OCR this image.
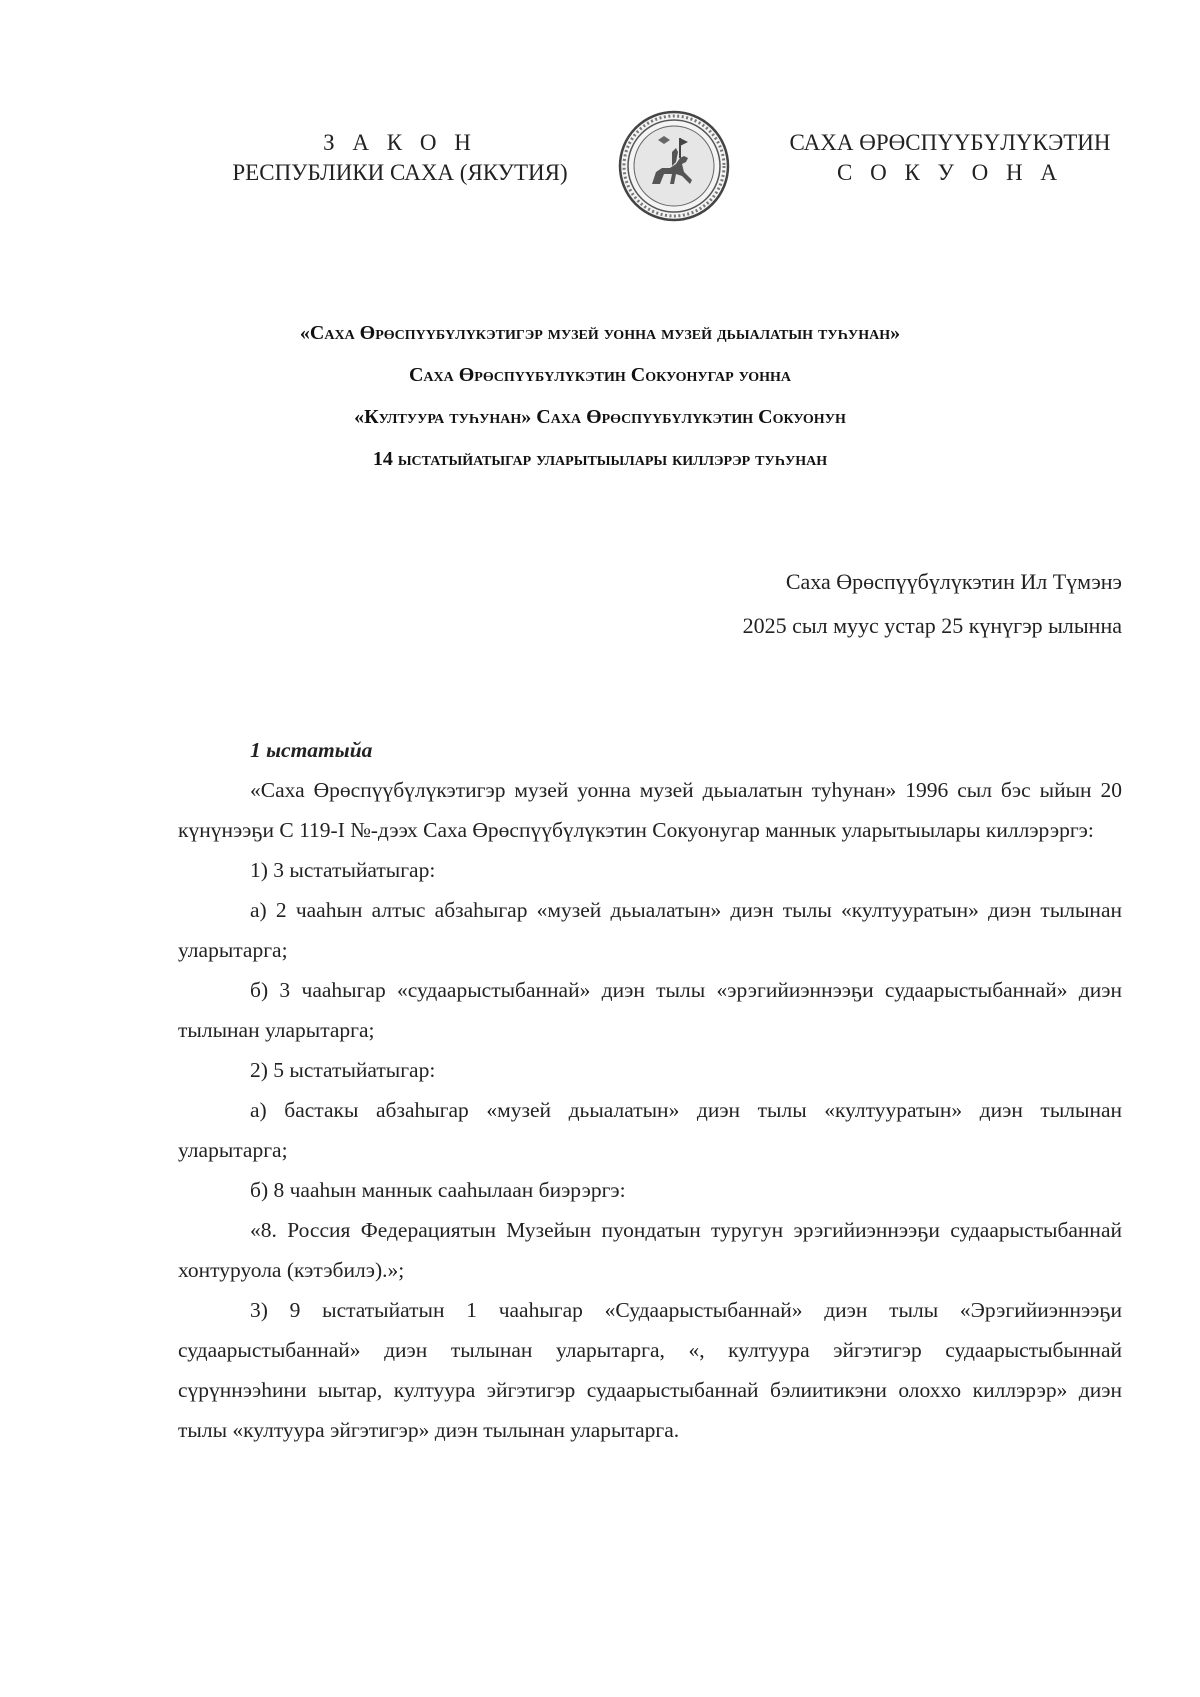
З А К О Н
РЕСПУБЛИКИ САХА (ЯКУТИЯ)
САХА ӨРӨСПҮҮБҮЛҮКЭТИН
С О К У О Н А
«Саха Өрөспүүбүлүкэтигэр музей уонна музей дьыалатын туһунан»
Саха Өрөспүүбүлүкэтин Сокуонугар уонна
«Култуура туһунан» Саха Өрөспүүбүлүкэтин Сокуонун
14 ыстатыйатыгар уларытыылары киллэрэр туһунан
Саха Өрөспүүбүлүкэтин Ил Түмэнэ
2025 сыл муус устар 25 күнүгэр ылынна

1 ыстатыйа

«Саха Өрөспүүбүлүкэтигэр музей уонна музей дьыалатын туһунан» 1996 сыл бэс ыйын 20 күнүнээҕи С 119-I №-дээх Саха Өрөспүүбүлүкэтин Сокуонугар маннык уларытыылары киллэрэргэ:

1) 3 ыстатыйатыгар:

а) 2 чааһын алтыс абзаһыгар «музей дьыалатын» диэн тылы «култууратын» диэн тылынан уларытарга;

б) 3 чааһыгар «судаарыстыбаннай» диэн тылы «эрэгийиэннээҕи судаарыстыбаннай» диэн тылынан уларытарга;

2) 5 ыстатыйатыгар:

а) бастакы абзаһыгар «музей дьыалатын» диэн тылы «култууратын» диэн тылынан уларытарга;

б) 8 чааһын маннык сааһылаан биэрэргэ:

«8. Россия Федерациятын Музейын пуондатын туругун эрэгийиэннээҕи судаарыстыбаннай хонтуруола (кэтэбилэ).»;

3) 9 ыстатыйатын 1 чааһыгар «Судаарыстыбаннай» диэн тылы «Эрэгийиэннээҕи судаарыстыбаннай» диэн тылынан уларытарга, «, култуура эйгэтигэр судаарыстыбыннай сүрүннээһини ыытар, култуура эйгэтигэр судаарыстыбаннай бэлиитикэни олоххо киллэрэр» диэн тылы «култуура эйгэтигэр» диэн тылынан уларытарга.
